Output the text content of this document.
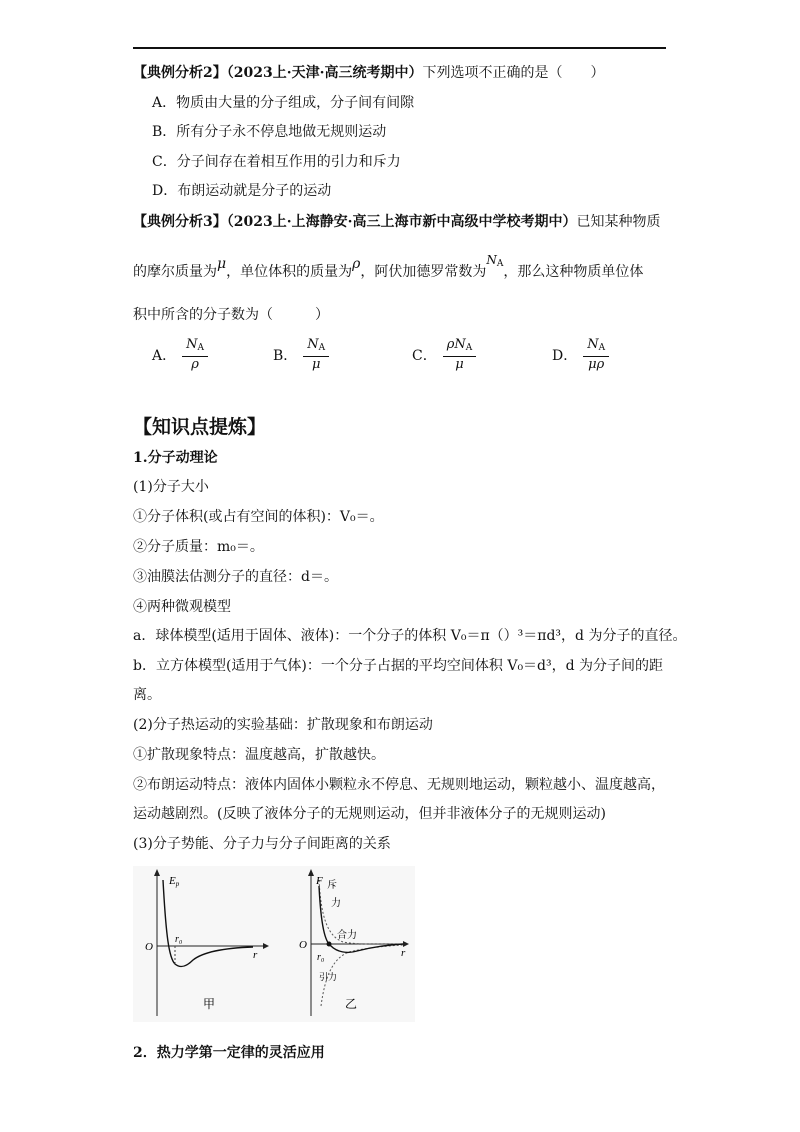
【典例分析2】（2023上·天津·高三统考期中）下列选项不正确的是（　　）
A．物质由大量的分子组成，分子间有间隙
B．所有分子永不停息地做无规则运动
C．分子间存在着相互作用的引力和斥力
D．布朗运动就是分子的运动
【典例分析3】（2023上·上海静安·高三上海市新中高级中学校考期中）已知某种物质
的摩尔质量为μ，单位体积的质量为ρ，阿伏加德罗常数为$N_A$，那么这种物质单位体
积中所含的分子数为（　　　）
A． $\frac{N_A}{\rho}$	B． $\frac{N_A}{\mu}$	C． $\frac{\rho N_A}{\mu}$	D． $\frac{N_A}{\mu\rho}$
【知识点提炼】
1.分子动理论
(1)分子大小
①分子体积(或占有空间的体积)：V₀＝。
②分子质量：m₀＝。
③油膜法估测分子的直径：d＝。
④两种微观模型
a．球体模型(适用于固体、液体)：一个分子的体积 V₀＝π（）³＝πd³，d 为分子的直径。
b．立方体模型(适用于气体)：一个分子占据的平均空间体积 V₀＝d³，d 为分子间的距
离。
(2)分子热运动的实验基础：扩散现象和布朗运动
①扩散现象特点：温度越高，扩散越快。
②布朗运动特点：液体内固体小颗粒永不停息、无规则地运动，颗粒越小、温度越高，
运动越剧烈。(反映了液体分子的无规则运动，但并非液体分子的无规则运动)
(3)分子势能、分子力与分子间距离的关系
Ep
O
r₀
r
甲
F 斥
力
合力
O
r₀	r
引力
乙
2．热力学第一定律的灵活应用
